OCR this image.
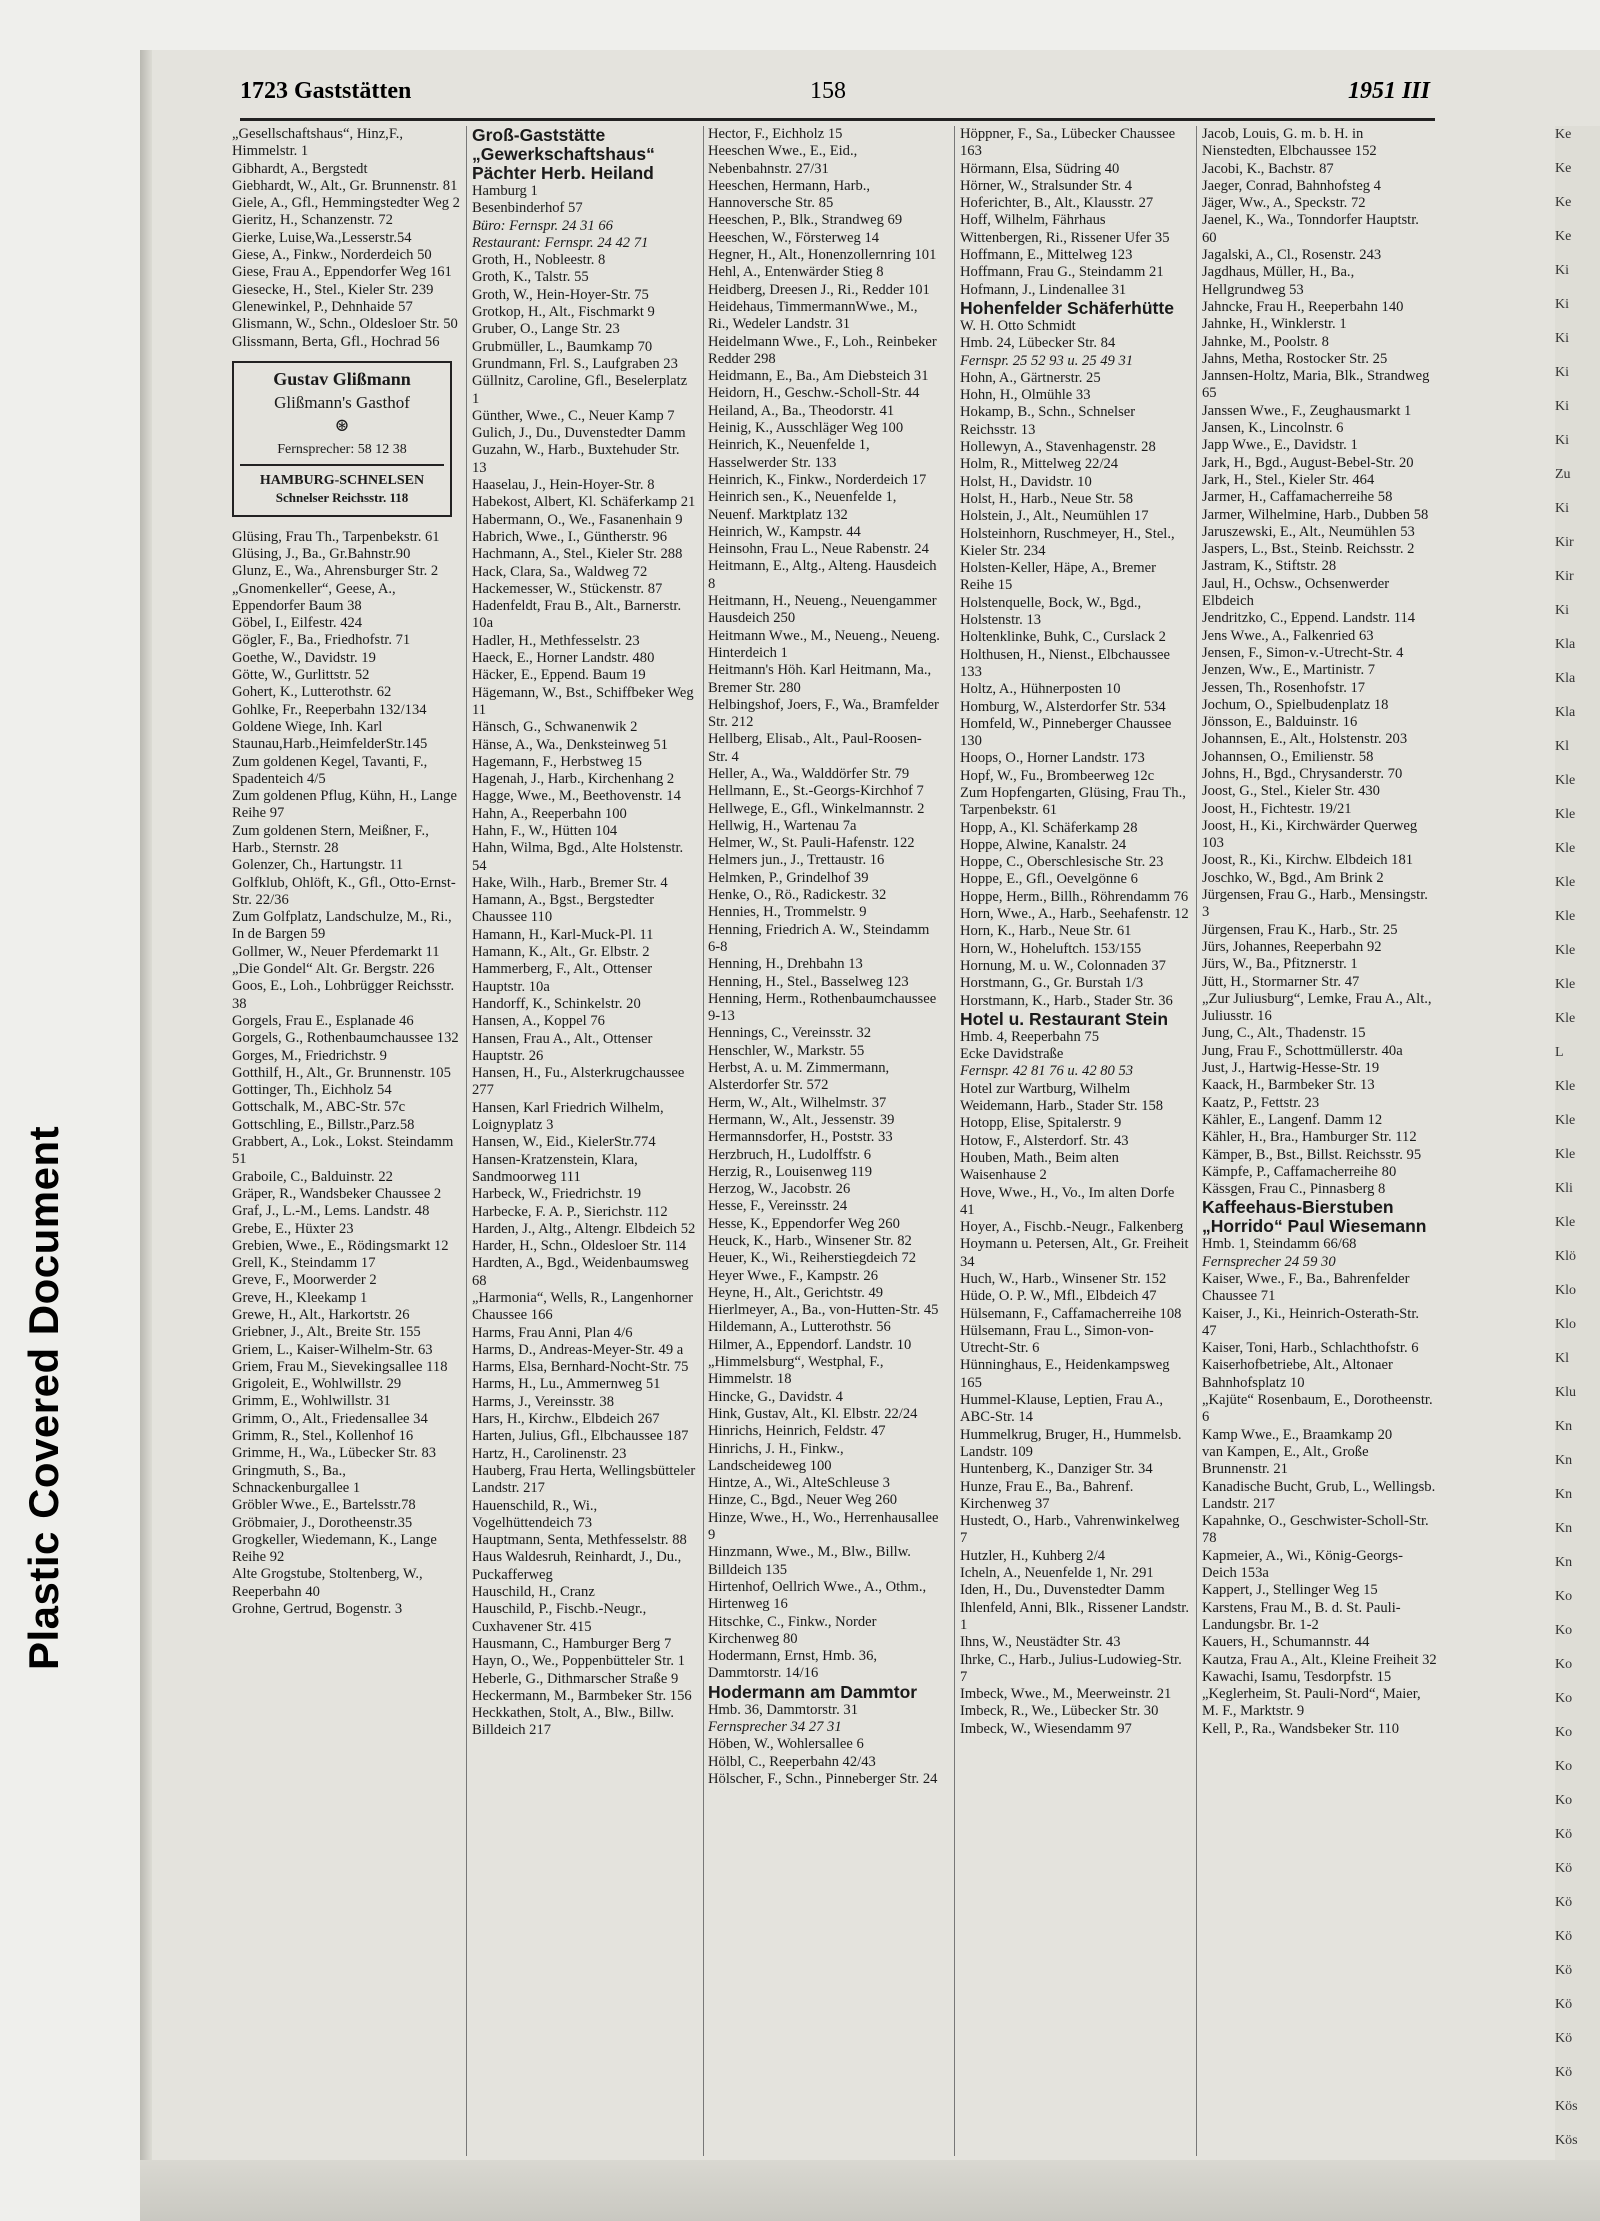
Plastic Covered Document
1723 Gaststätten	158	1951 III
„Gesellschaftshaus“, Hinz,F., Himmelstr. 1
Gibhardt, A., Bergstedt
Giebhardt, W., Alt., Gr. Brunnenstr. 81
Giele, A., Gfl., Hemmingstedter Weg 2
Gieritz, H., Schanzenstr. 72
Gierke, Luise,Wa.,Lesserstr.54
Giese, A., Finkw., Norderdeich 50
Giese, Frau A., Eppendorfer Weg 161
Giesecke, H., Stel., Kieler Str. 239
Glenewinkel, P., Dehnhaide 57
Glismann, W., Schn., Oldesloer Str. 50
Glissmann, Berta, Gfl., Hochrad 56
Gustav Glißmann
Glißmann's Gasthof
⊛
Fernsprecher: 58 12 38
HAMBURG-SCHNELSEN
Schnelser Reichsstr. 118
Glüsing, Frau Th., Tarpenbekstr. 61
Glüsing, J., Ba., Gr.Bahnstr.90
Glunz, E., Wa., Ahrensburger Str. 2
„Gnomenkeller“, Geese, A., Eppendorfer Baum 38
Göbel, I., Eilfestr. 424
Gögler, F., Ba., Friedhofstr. 71
Goethe, W., Davidstr. 19
Götte, W., Gurlittstr. 52
Gohert, K., Lutterothstr. 62
Gohlke, Fr., Reeperbahn 132/134
Goldene Wiege, Inh. Karl Staunau,Harb.,HeimfelderStr.145
Zum goldenen Kegel, Tavanti, F., Spadenteich 4/5
Zum goldenen Pflug, Kühn, H., Lange Reihe 97
Zum goldenen Stern, Meißner, F., Harb., Sternstr. 28
Golenzer, Ch., Hartungstr. 11
Golfklub, Ohlöft, K., Gfl., Otto-Ernst-Str. 22/36
Zum Golfplatz, Landschulze, M., Ri., In de Bargen 59
Gollmer, W., Neuer Pferdemarkt 11
„Die Gondel“ Alt. Gr. Bergstr. 226
Goos, E., Loh., Lohbrügger Reichsstr. 38
Gorgels, Frau E., Esplanade 46
Gorgels, G., Rothenbaumchaussee 132
Gorges, M., Friedrichstr. 9
Gotthilf, H., Alt., Gr. Brunnenstr. 105
Gottinger, Th., Eichholz 54
Gottschalk, M., ABC-Str. 57c
Gottschling, E., Billstr.,Parz.58
Grabbert, A., Lok., Lokst. Steindamm 51
Graboile, C., Balduinstr. 22
Gräper, R., Wandsbeker Chaussee 2
Graf, J., L.-M., Lems. Landstr. 48
Grebe, E., Hüxter 23
Grebien, Wwe., E., Rödingsmarkt 12
Grell, K., Steindamm 17
Greve, F., Moorwerder 2
Greve, H., Kleekamp 1
Grewe, H., Alt., Harkortstr. 26
Griebner, J., Alt., Breite Str. 155
Griem, L., Kaiser-Wilhelm-Str. 63
Griem, Frau M., Sievekingsallee 118
Grigoleit, E., Wohlwillstr. 29
Grimm, E., Wohlwillstr. 31
Grimm, O., Alt., Friedensallee 34
Grimm, R., Stel., Kollenhof 16
Grimme, H., Wa., Lübecker Str. 83
Gringmuth, S., Ba., Schnackenburgallee 1
Gröbler Wwe., E., Bartelsstr.78
Gröbmaier, J., Dorotheenstr.35
Grogkeller, Wiedemann, K., Lange Reihe 92
Alte Grogstube, Stoltenberg, W., Reeperbahn 40
Grohne, Gertrud, Bogenstr. 3
Groß-Gaststätte „Gewerkschaftshaus“ Pächter Herb. Heiland
Hamburg 1
Besenbinderhof 57
Büro: Fernspr. 24 31 66
Restaurant: Fernspr. 24 42 71
Groth, H., Nobleestr. 8
Groth, K., Talstr. 55
Groth, W., Hein-Hoyer-Str. 75
Grotkop, H., Alt., Fischmarkt 9
Gruber, O., Lange Str. 23
Grubmüller, L., Baumkamp 70
Grundmann, Frl. S., Laufgraben 23
Güllnitz, Caroline, Gfl., Beselerplatz 1
Günther, Wwe., C., Neuer Kamp 7
Gulich, J., Du., Duvenstedter Damm
Guzahn, W., Harb., Buxtehuder Str. 13
Haaselau, J., Hein-Hoyer-Str. 8
Habekost, Albert, Kl. Schäferkamp 21
Habermann, O., We., Fasanenhain 9
Habrich, Wwe., I., Güntherstr. 96
Hachmann, A., Stel., Kieler Str. 288
Hack, Clara, Sa., Waldweg 72
Hackemesser, W., Stückenstr. 87
Hadenfeldt, Frau B., Alt., Barnerstr. 10a
Hadler, H., Methfesselstr. 23
Haeck, E., Horner Landstr. 480
Häcker, E., Eppend. Baum 19
Hägemann, W., Bst., Schiffbeker Weg 11
Hänsch, G., Schwanenwik 2
Hänse, A., Wa., Denksteinweg 51
Hagemann, F., Herbstweg 15
Hagenah, J., Harb., Kirchenhang 2
Hagge, Wwe., M., Beethovenstr. 14
Hahn, A., Reeperbahn 100
Hahn, F., W., Hütten 104
Hahn, Wilma, Bgd., Alte Holstenstr. 54
Hake, Wilh., Harb., Bremer Str. 4
Hamann, A., Bgst., Bergstedter Chaussee 110
Hamann, H., Karl-Muck-Pl. 11
Hamann, K., Alt., Gr. Elbstr. 2
Hammerberg, F., Alt., Ottenser Hauptstr. 10a
Handorff, K., Schinkelstr. 20
Hansen, A., Koppel 76
Hansen, Frau A., Alt., Ottenser Hauptstr. 26
Hansen, H., Fu., Alsterkrugchaussee 277
Hansen, Karl Friedrich Wilhelm, Loignyplatz 3
Hansen, W., Eid., KielerStr.774
Hansen-Kratzenstein, Klara, Sandmoorweg 111
Harbeck, W., Friedrichstr. 19
Harbecke, F. A. P., Sierichstr. 112
Harden, J., Altg., Altengr. Elbdeich 52
Harder, H., Schn., Oldesloer Str. 114
Hardten, A., Bgd., Weidenbaumsweg 68
„Harmonia“, Wells, R., Langenhorner Chaussee 166
Harms, Frau Anni, Plan 4/6
Harms, D., Andreas-Meyer-Str. 49 a
Harms, Elsa, Bernhard-Nocht-Str. 75
Harms, H., Lu., Ammernweg 51
Harms, J., Vereinsstr. 38
Hars, H., Kirchw., Elbdeich 267
Harten, Julius, Gfl., Elbchaussee 187
Hartz, H., Carolinenstr. 23
Hauberg, Frau Herta, Wellingsbütteler Landstr. 217
Hauenschild, R., Wi., Vogelhüttendeich 73
Hauptmann, Senta, Methfesselstr. 88
Haus Waldesruh, Reinhardt, J., Du., Puckafferweg
Hauschild, H., Cranz
Hauschild, P., Fischb.-Neugr., Cuxhavener Str. 415
Hausmann, C., Hamburger Berg 7
Hayn, O., We., Poppenbütteler Str. 1
Heberle, G., Dithmarscher Straße 9
Heckermann, M., Barmbeker Str. 156
Heckkathen, Stolt, A., Blw., Billw. Billdeich 217
Hector, F., Eichholz 15
Heeschen Wwe., E., Eid., Nebenbahnstr. 27/31
Heeschen, Hermann, Harb., Hannoversche Str. 85
Heeschen, P., Blk., Strandweg 69
Heeschen, W., Försterweg 14
Hegner, H., Alt., Honenzollernring 101
Hehl, A., Entenwärder Stieg 8
Heidberg, Dreesen J., Ri., Redder 101
Heidehaus, TimmermannWwe., M., Ri., Wedeler Landstr. 31
Heidelmann Wwe., F., Loh., Reinbeker Redder 298
Heidmann, E., Ba., Am Diebsteich 31
Heidorn, H., Geschw.-Scholl-Str. 44
Heiland, A., Ba., Theodorstr. 41
Heinig, K., Ausschläger Weg 100
Heinrich, K., Neuenfelde 1, Hasselwerder Str. 133
Heinrich, K., Finkw., Norderdeich 17
Heinrich sen., K., Neuenfelde 1, Neuenf. Marktplatz 132
Heinrich, W., Kampstr. 44
Heinsohn, Frau L., Neue Rabenstr. 24
Heitmann, E., Altg., Alteng. Hausdeich 8
Heitmann, H., Neueng., Neuengammer Hausdeich 250
Heitmann Wwe., M., Neueng., Neueng. Hinterdeich 1
Heitmann's Höh. Karl Heitmann, Ma., Bremer Str. 280
Helbingshof, Joers, F., Wa., Bramfelder Str. 212
Hellberg, Elisab., Alt., Paul-Roosen-Str. 4
Heller, A., Wa., Walddörfer Str. 79
Hellmann, E., St.-Georgs-Kirchhof 7
Hellwege, E., Gfl., Winkelmannstr. 2
Hellwig, H., Wartenau 7a
Helmer, W., St. Pauli-Hafenstr. 122
Helmers jun., J., Trettaustr. 16
Helmken, P., Grindelhof 39
Henke, O., Rö., Radickestr. 32
Hennies, H., Trommelstr. 9
Henning, Friedrich A. W., Steindamm 6-8
Henning, H., Drehbahn 13
Henning, H., Stel., Basselweg 123
Henning, Herm., Rothenbaumchaussee 9-13
Hennings, C., Vereinsstr. 32
Henschler, W., Markstr. 55
Herbst, A. u. M. Zimmermann, Alsterdorfer Str. 572
Herm, W., Alt., Wilhelmstr. 37
Hermann, W., Alt., Jessenstr. 39
Hermannsdorfer, H., Poststr. 33
Herzbruch, H., Ludolffstr. 6
Herzig, R., Louisenweg 119
Herzog, W., Jacobstr. 26
Hesse, F., Vereinsstr. 24
Hesse, K., Eppendorfer Weg 260
Heuck, K., Harb., Winsener Str. 82
Heuer, K., Wi., Reiherstiegdeich 72
Heyer Wwe., F., Kampstr. 26
Heyne, H., Alt., Gerichtstr. 49
Hierlmeyer, A., Ba., von-Hutten-Str. 45
Hildemann, A., Lutterothstr. 56
Hilmer, A., Eppendorf. Landstr. 10
„Himmelsburg“, Westphal, F., Himmelstr. 18
Hincke, G., Davidstr. 4
Hink, Gustav, Alt., Kl. Elbstr. 22/24
Hinrichs, Heinrich, Feldstr. 47
Hinrichs, J. H., Finkw., Landscheideweg 100
Hintze, A., Wi., AlteSchleuse 3
Hinze, C., Bgd., Neuer Weg 260
Hinze, Wwe., H., Wo., Herrenhausallee 9
Hinzmann, Wwe., M., Blw., Billw. Billdeich 135
Hirtenhof, Oellrich Wwe., A., Othm., Hirtenweg 16
Hitschke, C., Finkw., Norder Kirchenweg 80
Hodermann, Ernst, Hmb. 36, Dammtorstr. 14/16
Hodermann am Dammtor
Hmb. 36, Dammtorstr. 31
Fernsprecher 34 27 31
Höben, W., Wohlersallee 6
Hölbl, C., Reeperbahn 42/43
Hölscher, F., Schn., Pinneberger Str. 24
Höppner, F., Sa., Lübecker Chaussee 163
Hörmann, Elsa, Südring 40
Hörner, W., Stralsunder Str. 4
Hoferichter, B., Alt., Klausstr. 27
Hoff, Wilhelm, Fährhaus Wittenbergen, Ri., Rissener Ufer 35
Hoffmann, E., Mittelweg 123
Hoffmann, Frau G., Steindamm 21
Hofmann, J., Lindenallee 31
Hohenfelder Schäferhütte
W. H. Otto Schmidt
Hmb. 24, Lübecker Str. 84
Fernspr. 25 52 93 u. 25 49 31
Hohn, A., Gärtnerstr. 25
Hohn, H., Olmühle 33
Hokamp, B., Schn., Schnelser Reichsstr. 13
Hollewyn, A., Stavenhagenstr. 28
Holm, R., Mittelweg 22/24
Holst, H., Davidstr. 10
Holst, H., Harb., Neue Str. 58
Holstein, J., Alt., Neumühlen 17
Holsteinhorn, Ruschmeyer, H., Stel., Kieler Str. 234
Holsten-Keller, Häpe, A., Bremer Reihe 15
Holstenquelle, Bock, W., Bgd., Holstenstr. 13
Holtenklinke, Buhk, C., Curslack 2
Holthusen, H., Nienst., Elbchaussee 133
Holtz, A., Hühnerposten 10
Homburg, W., Alsterdorfer Str. 534
Homfeld, W., Pinneberger Chaussee 130
Hoops, O., Horner Landstr. 173
Hopf, W., Fu., Brombeerweg 12c
Zum Hopfengarten, Glüsing, Frau Th., Tarpenbekstr. 61
Hopp, A., Kl. Schäferkamp 28
Hoppe, Alwine, Kanalstr. 24
Hoppe, C., Oberschlesische Str. 23
Hoppe, E., Gfl., Oevelgönne 6
Hoppe, Herm., Billh., Röhrendamm 76
Horn, Wwe., A., Harb., Seehafenstr. 12
Horn, K., Harb., Neue Str. 61
Horn, W., Hoheluftch. 153/155
Hornung, M. u. W., Colonnaden 37
Horstmann, G., Gr. Burstah 1/3
Horstmann, K., Harb., Stader Str. 36
Hotel u. Restaurant Stein
Hmb. 4, Reeperbahn 75
Ecke Davidstraße
Fernspr. 42 81 76 u. 42 80 53
Hotel zur Wartburg, Wilhelm Weidemann, Harb., Stader Str. 158
Hotopp, Elise, Spitalerstr. 9
Hotow, F., Alsterdorf. Str. 43
Houben, Math., Beim alten Waisenhause 2
Hove, Wwe., H., Vo., Im alten Dorfe 41
Hoyer, A., Fischb.-Neugr., Falkenberg
Hoymann u. Petersen, Alt., Gr. Freiheit 34
Huch, W., Harb., Winsener Str. 152
Hüde, O. P. W., Mfl., Elbdeich 47
Hülsemann, F., Caffamacherreihe 108
Hülsemann, Frau L., Simon-von-Utrecht-Str. 6
Hünninghaus, E., Heidenkampsweg 165
Hummel-Klause, Leptien, Frau A., ABC-Str. 14
Hummelkrug, Bruger, H., Hummelsb. Landstr. 109
Huntenberg, K., Danziger Str. 34
Hunze, Frau E., Ba., Bahrenf. Kirchenweg 37
Hustedt, O., Harb., Vahrenwinkelweg 7
Hutzler, H., Kuhberg 2/4
Icheln, A., Neuenfelde 1, Nr. 291
Iden, H., Du., Duvenstedter Damm
Ihlenfeld, Anni, Blk., Rissener Landstr. 1
Ihns, W., Neustädter Str. 43
Ihrke, C., Harb., Julius-Ludowieg-Str. 7
Imbeck, Wwe., M., Meerweinstr. 21
Imbeck, R., We., Lübecker Str. 30
Imbeck, W., Wiesendamm 97
Jacob, Louis, G. m. b. H. in Nienstedten, Elbchaussee 152
Jacobi, K., Bachstr. 87
Jaeger, Conrad, Bahnhofsteg 4
Jäger, Ww., A., Speckstr. 72
Jaenel, K., Wa., Tonndorfer Hauptstr. 60
Jagalski, A., Cl., Rosenstr. 243
Jagdhaus, Müller, H., Ba., Hellgrundweg 53
Jahncke, Frau H., Reeperbahn 140
Jahnke, H., Winklerstr. 1
Jahnke, M., Poolstr. 8
Jahns, Metha, Rostocker Str. 25
Jannsen-Holtz, Maria, Blk., Strandweg 65
Janssen Wwe., F., Zeughausmarkt 1
Jansen, K., Lincolnstr. 6
Japp Wwe., E., Davidstr. 1
Jark, H., Bgd., August-Bebel-Str. 20
Jark, H., Stel., Kieler Str. 464
Jarmer, H., Caffamacherreihe 58
Jarmer, Wilhelmine, Harb., Dubben 58
Jaruszewski, E., Alt., Neumühlen 53
Jaspers, L., Bst., Steinb. Reichsstr. 2
Jastram, K., Stiftstr. 28
Jaul, H., Ochsw., Ochsenwerder Elbdeich
Jendritzko, C., Eppend. Landstr. 114
Jens Wwe., A., Falkenried 63
Jensen, F., Simon-v.-Utrecht-Str. 4
Jenzen, Ww., E., Martinistr. 7
Jessen, Th., Rosenhofstr. 17
Jochum, O., Spielbudenplatz 18
Jönsson, E., Balduinstr. 16
Johannsen, E., Alt., Holstenstr. 203
Johannsen, O., Emilienstr. 58
Johns, H., Bgd., Chrysanderstr. 70
Joost, G., Stel., Kieler Str. 430
Joost, H., Fichtestr. 19/21
Joost, H., Ki., Kirchwärder Querweg 103
Joost, R., Ki., Kirchw. Elbdeich 181
Joschko, W., Bgd., Am Brink 2
Jürgensen, Frau G., Harb., Mensingstr. 3
Jürgensen, Frau K., Harb., Str. 25
Jürs, Johannes, Reeperbahn 92
Jürs, W., Ba., Pfitznerstr. 1
Jütt, H., Stormarner Str. 47
„Zur Juliusburg“, Lemke, Frau A., Alt., Juliusstr. 16
Jung, C., Alt., Thadenstr. 15
Jung, Frau F., Schottmüllerstr. 40a
Just, J., Hartwig-Hesse-Str. 19
Kaack, H., Barmbeker Str. 13
Kaatz, P., Fettstr. 23
Kähler, E., Langenf. Damm 12
Kähler, H., Bra., Hamburger Str. 112
Kämper, B., Bst., Billst. Reichsstr. 95
Kämpfe, P., Caffamacherreihe 80
Kässgen, Frau C., Pinnasberg 8
Kaffeehaus-Bierstuben „Horrido“ Paul Wiesemann
Hmb. 1, Steindamm 66/68
Fernsprecher 24 59 30
Kaiser, Wwe., F., Ba., Bahrenfelder Chaussee 71
Kaiser, J., Ki., Heinrich-Osterath-Str. 47
Kaiser, Toni, Harb., Schlachthofstr. 6
Kaiserhofbetriebe, Alt., Altonaer Bahnhofsplatz 10
„Kajüte“ Rosenbaum, E., Dorotheenstr. 6
Kamp Wwe., E., Braamkamp 20
van Kampen, E., Alt., Große Brunnenstr. 21
Kanadische Bucht, Grub, L., Wellingsb. Landstr. 217
Kapahnke, O., Geschwister-Scholl-Str. 78
Kapmeier, A., Wi., König-Georgs-Deich 153a
Kappert, J., Stellinger Weg 15
Karstens, Frau M., B. d. St. Pauli-Landungsbr. Br. 1-2
Kauers, H., Schumannstr. 44
Kautza, Frau A., Alt., Kleine Freiheit 32
Kawachi, Isamu, Tesdorpfstr. 15
„Keglerheim, St. Pauli-Nord“, Maier, M. F., Marktstr. 9
Kell, P., Ra., Wandsbeker Str. 110
Ke
Ke
Ke
Ke
Ki
Ki
Ki
Ki
Ki
Ki
Zu
Ki
Kir
Kir
Ki
Kla
Kla
Kla
Kl
Kle
Kle
Kle
Kle
Kle
Kle
Kle
Kle
L
Kle
Kle
Kle
Kli
Kle
Klö
Klo
Klo
Kl
Klu
Kn
Kn
Kn
Kn
Kn
Ko
Ko
Ko
Ko
Ko
Ko
Ko
Kö
Kö
Kö
Kö
Kö
Kö
Kö
Kö
Kös
Kös
